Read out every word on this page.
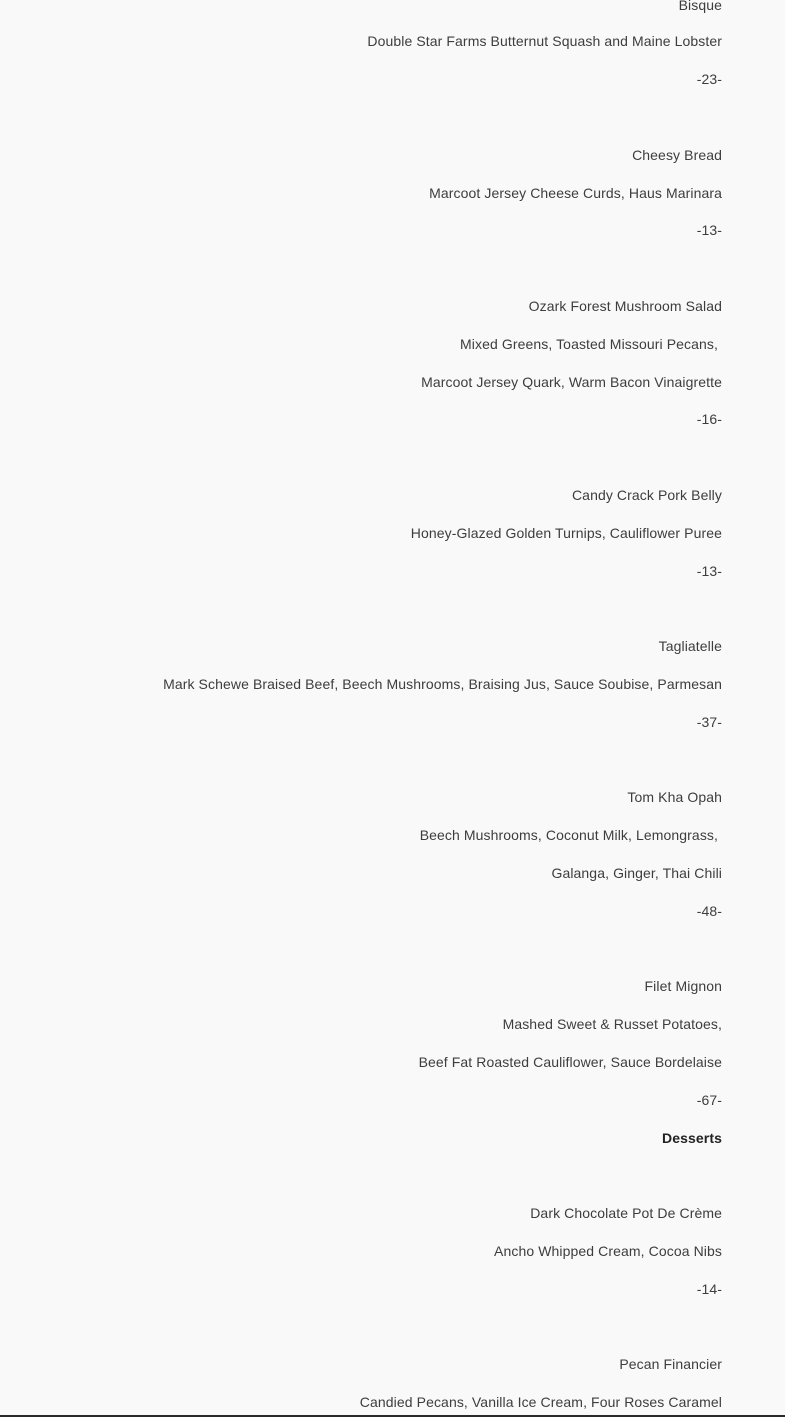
Bisque
Double Star Farms Butternut Squash and Maine Lobster
-23-
Cheesy Bread
Marcoot Jersey Cheese Curds, Haus Marinara
-13-
Ozark Forest Mushroom Salad
Mixed Greens, Toasted Missouri Pecans,
Marcoot Jersey Quark, Warm Bacon Vinaigrette
-16-
Candy Crack Pork Belly
Honey-Glazed Golden Turnips, Cauliflower Puree
-13-
Tagliatelle
Mark Schewe Braised Beef, Beech Mushrooms, Braising Jus, Sauce Soubise, Parmesan
-37-
Tom Kha Opah
Beech Mushrooms, Coconut Milk, Lemongrass,
Galanga, Ginger, Thai Chili
-48-
Filet Mignon
Mashed Sweet & Russet Potatoes,
Beef Fat Roasted Cauliflower, Sauce Bordelaise
-67-
Desserts
Dark Chocolate Pot De Crème
Ancho Whipped Cream, Cocoa Nibs
-14-
Pecan Financier
Candied Pecans, Vanilla Ice Cream, Four Roses Caramel
